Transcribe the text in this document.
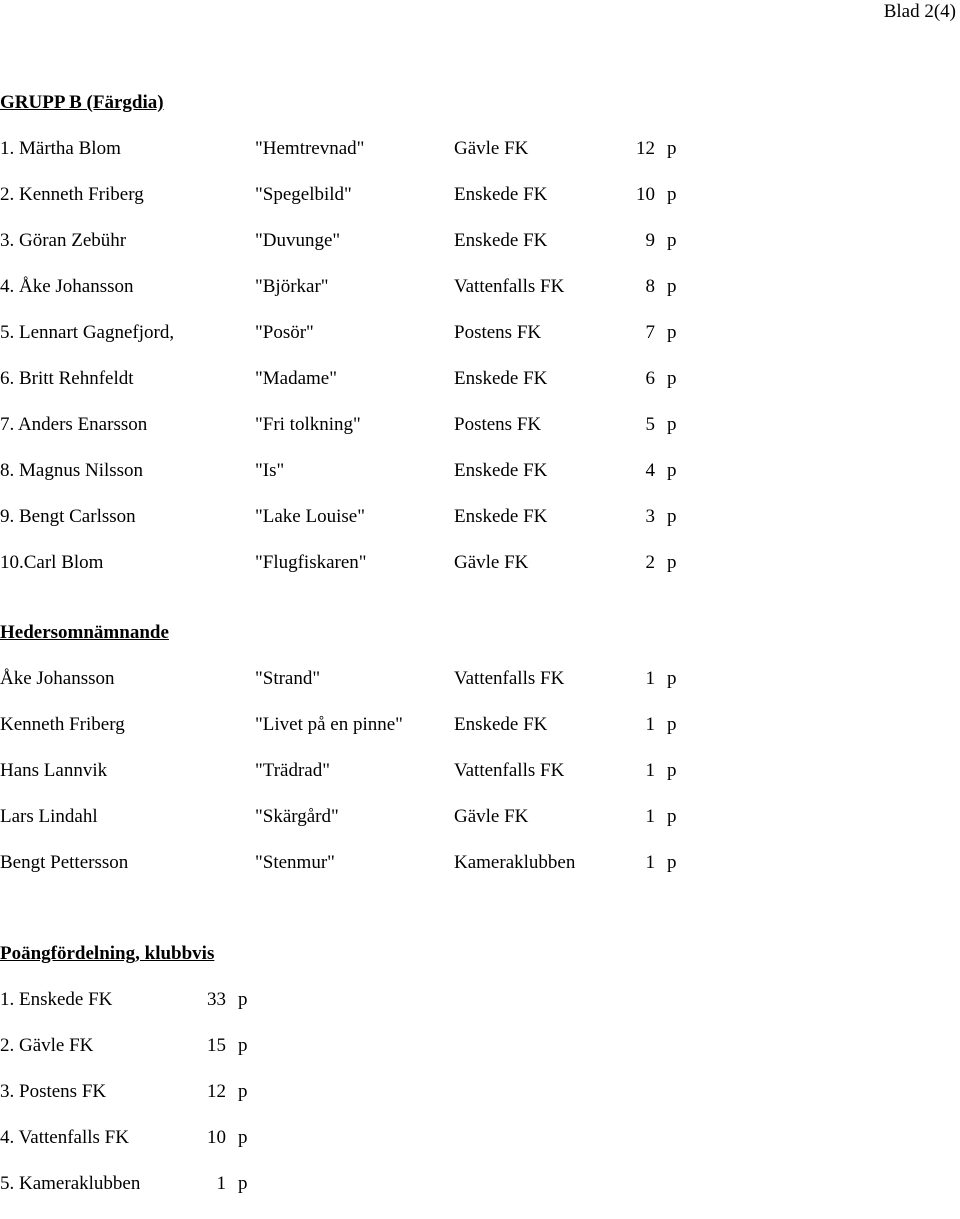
Blad 2(4)
GRUPP B (Färgdia)
1. Märtha Blom	"Hemtrevnad"	Gävle FK	12 p
2. Kenneth Friberg	"Spegelbild"	Enskede FK	10 p
3. Göran Zebühr	"Duvunge"	Enskede FK	9 p
4. Åke Johansson	"Björkar"	Vattenfalls FK	8 p
5. Lennart Gagnefjord,	"Posör"	Postens FK	7 p
6. Britt Rehnfeldt	"Madame"	Enskede FK	6 p
7. Anders Enarsson	"Fri tolkning"	Postens FK	5 p
8. Magnus Nilsson	"Is"	Enskede FK	4 p
9. Bengt Carlsson	"Lake Louise"	Enskede FK	3 p
10.Carl Blom	"Flugfiskaren"	Gävle FK	2 p
Hedersomnämnande
Åke Johansson	"Strand"	Vattenfalls FK	1 p
Kenneth Friberg	"Livet på en pinne"	Enskede FK	1 p
Hans Lannvik	"Trädrad"	Vattenfalls FK	1 p
Lars Lindahl	"Skärgård"	Gävle FK	1 p
Bengt Pettersson	"Stenmur"	Kameraklubben	1 p
Poängfördelning, klubbvis
1. Enskede FK	33 p
2. Gävle FK	15 p
3. Postens FK	12 p
4. Vattenfalls FK	10 p
5. Kameraklubben	1 p
